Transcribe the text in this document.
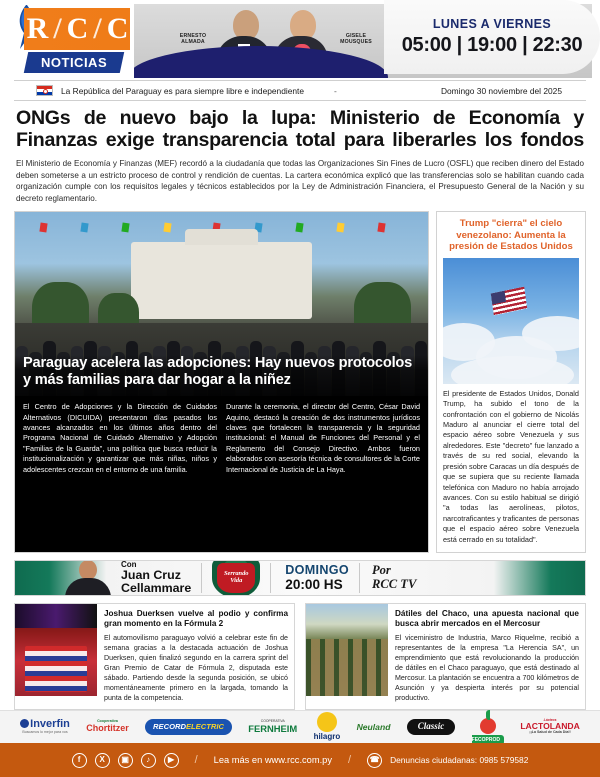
R / C / C
NOTICIAS
ERNESTO
ALMADA
GISELE
MOUSQUES
LUNES A VIERNES
05:00 | 19:00 | 22:30
La República del Paraguay es para siempre libre e independiente	-	Domingo 30 noviembre del 2025
ONGs de nuevo bajo la lupa: Ministerio de Economía y Finanzas exige transparencia total para liberarles los fondos

El Ministerio de Economía y Finanzas (MEF) recordó a la ciudadanía que todas las Organizaciones Sin Fines de Lucro (OSFL) que reciben dinero del Estado deben someterse a un estricto proceso de control y rendición de cuentas. La cartera económica explicó que las transferencias solo se habilitan cuando cada organización cumple con los requisitos legales y técnicos establecidos por la Ley de Administración Financiera, el Presupuesto General de la Nación y su decreto reglamentario.

Paraguay acelera las adopciones: Hay nuevos protocolos y más familias para dar hogar a la niñez

El Centro de Adopciones y la Dirección de Cuidados Alternativos (DICUIDA) presentaron días pasados los avances alcanzados en los últimos años dentro del Programa Nacional de Cuidado Alternativo y Adopción "Familias de la Guarda", una política que busca reducir la institucionalización y garantizar que más niñas, niños y adolescentes crezcan en el entorno de una familia.

Durante la ceremonia, el director del Centro, César David Aquino, destacó la creación de dos instrumentos jurídicos claves que fortalecen la transparencia y la seguridad institucional: el Manual de Funciones del Personal y el Reglamento del Consejo Directivo. Ambos fueron elaborados con asesoría técnica de consultores de la Corte Internacional de Justicia de La Haya.

Trump "cierra" el cielo venezolano: Aumenta la presión de Estados Unidos

El presidente de Estados Unidos, Donald Trump, ha subido el tono de la confrontación con el gobierno de Nicolás Maduro al anunciar el cierre total del espacio aéreo sobre Venezuela y sus alrededores. Este "decreto" fue lanzado a través de su red social, elevando la presión sobre Caracas un día después de que se supiera que su reciente llamada telefónica con Maduro no había arrojado avances. Con su estilo habitual se dirigió "a todas las aerolíneas, pilotos, narcotraficantes y traficantes de personas que el espacio aéreo sobre Venezuela está cerrado en su totalidad".

Con
Juan Cruz
Cellammare
Serrando
Vida
DOMINGO
20:00 HS
Por
RCC TV
Joshua Duerksen vuelve al podio y confirma gran momento en la Fórmula 2

El automovilismo paraguayo volvió a celebrar este fin de semana gracias a la destacada actuación de Joshua Duerksen, quien finalizó segundo en la carrera sprint del Gran Premio de Catar de Fórmula 2, disputada este sábado. Partiendo desde la segunda posición, se ubicó momentáneamente primero en la largada, tomando la punta de la competencia.

Dátiles del Chaco, una apuesta nacional que busca abrir mercados en el Mercosur

El viceministro de Industria, Marco Riquelme, recibió a representantes de la empresa "La Herencia SA", un emprendimiento que está revolucionando la producción de dátiles en el Chaco paraguayo, que está destinado al Mercosur. La plantación se encuentra a 700 kilómetros de Asunción y ya despierta interés por su potencial productivo.

Inverfin
Buscamos lo mejor para vos
Cooperativa
Chortitzer	RECORDELECTRIC
COOPERATIVA
FERNHEIM
hilagro
Neuland	Classic
FECOPROD
Lácteos
LACTOLANDA
¡¡La Salud de Cada Día!!
f	X	▣	♪	▶	/ Lea más en www.rcc.com.py /	☎ Denuncias ciudadanas: 0985 579582
